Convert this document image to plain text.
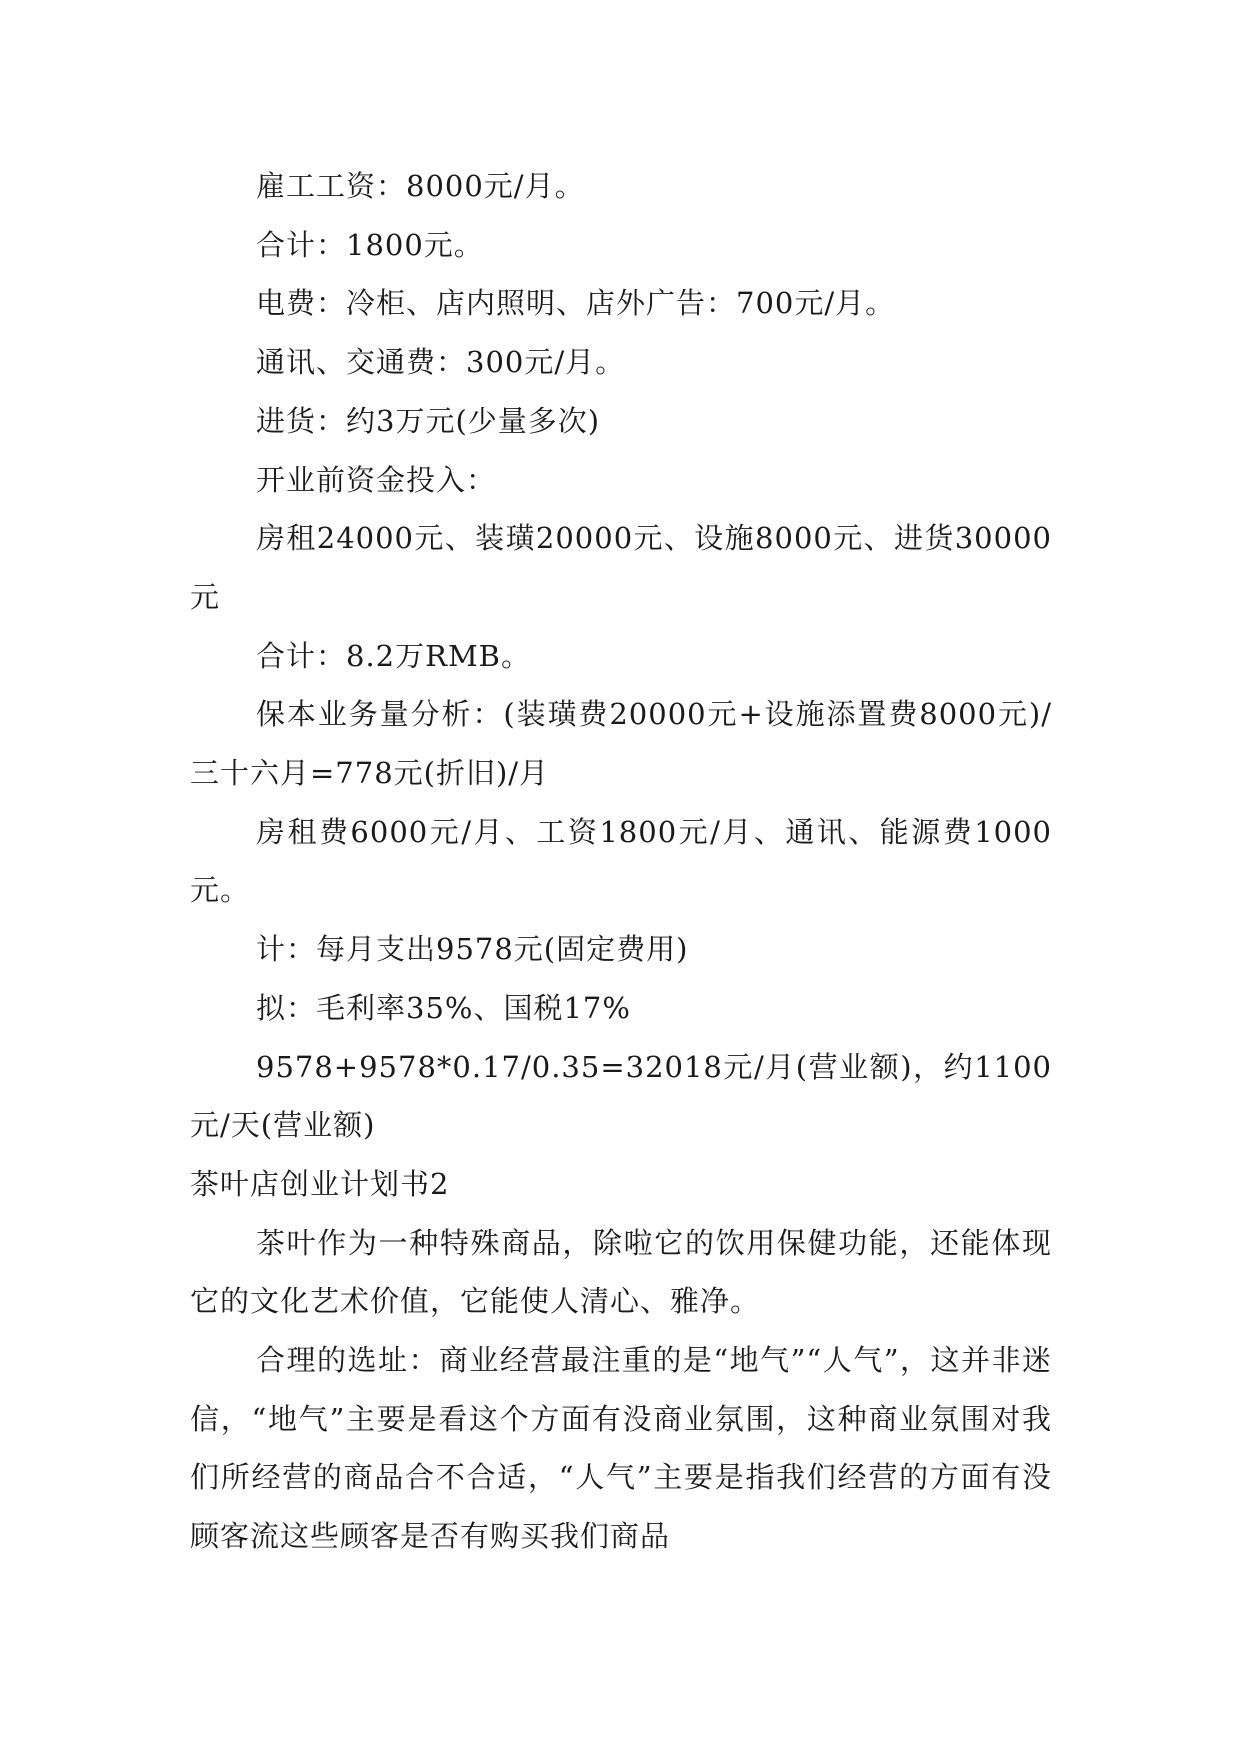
雇工工资：8000元/月。

合计：1800元。

电费：冷柜、店内照明、店外广告：700元/月。

通讯、交通费：300元/月。

进货：约3万元(少量多次)

开业前资金投入：

房租24000元、装璜20000元、设施8000元、进货30000元

合计：8.2万RMB。

保本业务量分析：(装璜费20000元+设施添置费8000元)/三十六月=778元(折旧)/月

房租费6000元/月、工资1800元/月、通讯、能源费1000元。

计：每月支出9578元(固定费用)

拟：毛利率35%、国税17%

9578+9578*0.17/0.35=32018元/月(营业额)，约1100元/天(营业额)

茶叶店创业计划书2

茶叶作为一种特殊商品，除啦它的饮用保健功能，还能体现它的文化艺术价值，它能使人清心、雅净。

合理的选址：商业经营最注重的是“地气”“人气”，这并非迷信，“地气”主要是看这个方面有没商业氛围，这种商业氛围对我们所经营的商品合不合适，“人气”主要是指我们经营的方面有没顾客流这些顾客是否有购买我们商品
